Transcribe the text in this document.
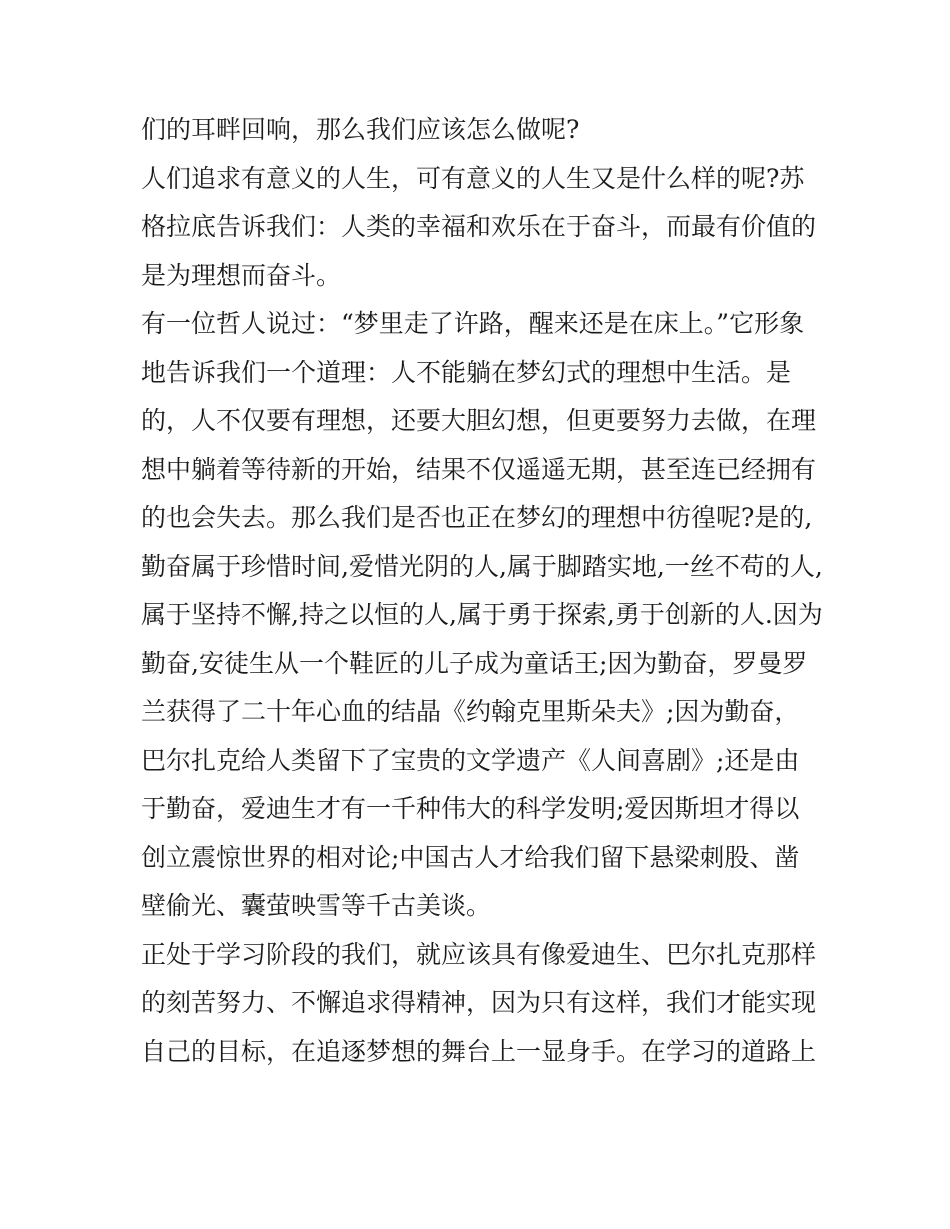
们的耳畔回响，那么我们应该怎么做呢?
人们追求有意义的人生，可有意义的人生又是什么样的呢?苏
格拉底告诉我们：人类的幸福和欢乐在于奋斗，而最有价值的
是为理想而奋斗。
有一位哲人说过：“梦里走了许路，醒来还是在床上。”它形象
地告诉我们一个道理：人不能躺在梦幻式的理想中生活。是
的，人不仅要有理想，还要大胆幻想，但更要努力去做，在理
想中躺着等待新的开始，结果不仅遥遥无期，甚至连已经拥有
的也会失去。那么我们是否也正在梦幻的理想中彷徨呢?是的,
勤奋属于珍惜时间,爱惜光阴的人,属于脚踏实地,一丝不苟的人,
属于坚持不懈,持之以恒的人,属于勇于探索,勇于创新的人.因为
勤奋,安徒生从一个鞋匠的儿子成为童话王;因为勤奋，罗曼罗
兰获得了二十年心血的结晶《约翰克里斯朵夫》;因为勤奋，
巴尔扎克给人类留下了宝贵的文学遗产《人间喜剧》;还是由
于勤奋，爱迪生才有一千种伟大的科学发明;爱因斯坦才得以
创立震惊世界的相对论;中国古人才给我们留下悬梁刺股、凿
壁偷光、囊萤映雪等千古美谈。
正处于学习阶段的我们，就应该具有像爱迪生、巴尔扎克那样
的刻苦努力、不懈追求得精神，因为只有这样，我们才能实现
自己的目标，在追逐梦想的舞台上一显身手。在学习的道路上
